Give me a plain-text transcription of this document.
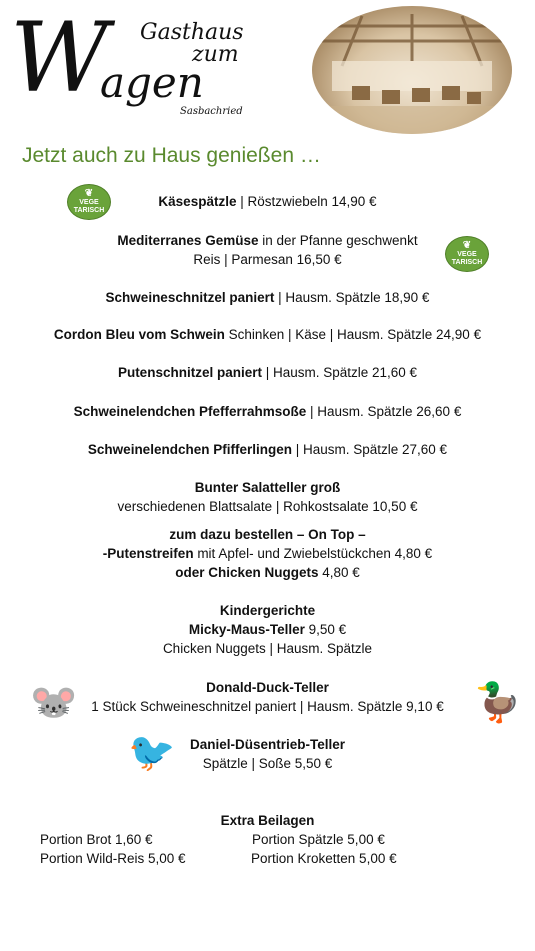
W Gasthaus
zum
agen
Sasbachried
Jetzt auch zu Haus genießen …
❦
VEGE TARISCH
❦
VEGE TARISCH
Käsespätzle | Röstzwiebeln 14,90 €
Mediterranes Gemüse in der Pfanne geschwenkt
Reis | Parmesan 16,50 €
Schweineschnitzel paniert | Hausm. Spätzle 18,90 €
Cordon Bleu vom Schwein Schinken | Käse | Hausm. Spätzle 24,90 €
Putenschnitzel paniert | Hausm. Spätzle 21,60 €
Schweinelendchen Pfefferrahmsoße | Hausm. Spätzle 26,60 €
Schweinelendchen Pfifferlingen | Hausm. Spätzle 27,60 €
Bunter Salatteller groß
verschiedenen Blattsalate | Rohkostsalate 10,50 €
zum dazu bestellen – On Top –
-Putenstreifen mit Apfel- und Zwiebelstückchen 4,80 €
oder Chicken Nuggets 4,80 €
Kindergerichte
Micky-Maus-Teller 9,50 €
Chicken Nuggets | Hausm. Spätzle
Donald-Duck-Teller
1 Stück Schweineschnitzel paniert | Hausm. Spätzle 9,10 €
Daniel-Düsentrieb-Teller
Spätzle | Soße 5,50 €
🐭	🦆
🐦
Extra Beilagen
Portion Brot 1,60 €	Portion Spätzle 5,00 €
Portion Wild-Reis 5,00 €	Portion Kroketten 5,00 €
